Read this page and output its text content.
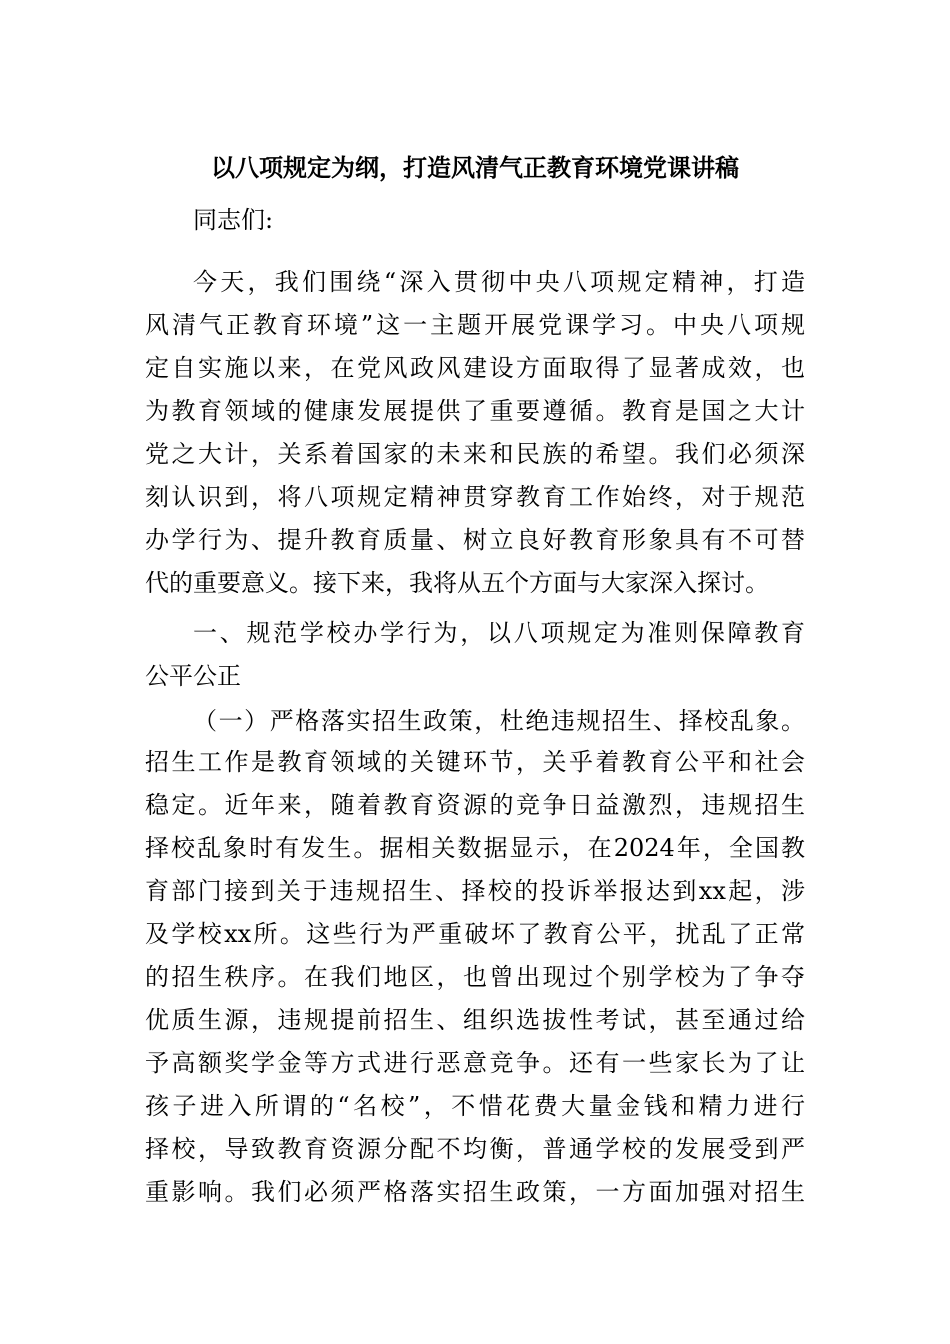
以八项规定为纲，打造风清气正教育环境党课讲稿
同志们:
今天，我们围绕“深入贯彻中央八项规定精神，打造
风清气正教育环境”这一主题开展党课学习。中央八项规
定自实施以来，在党风政风建设方面取得了显著成效，也
为教育领域的健康发展提供了重要遵循。教育是国之大计
党之大计，关系着国家的未来和民族的希望。我们必须深
刻认识到，将八项规定精神贯穿教育工作始终，对于规范
办学行为、提升教育质量、树立良好教育形象具有不可替
代的重要意义。接下来，我将从五个方面与大家深入探讨。
一、规范学校办学行为，以八项规定为准则保障教育
公平公正
（一）严格落实招生政策，杜绝违规招生、择校乱象。
招生工作是教育领域的关键环节，关乎着教育公平和社会
稳定。近年来，随着教育资源的竞争日益激烈，违规招生
择校乱象时有发生。据相关数据显示，在2024年，全国教
育部门接到关于违规招生、择校的投诉举报达到xx起，涉
及学校xx所。这些行为严重破坏了教育公平，扰乱了正常
的招生秩序。在我们地区，也曾出现过个别学校为了争夺
优质生源，违规提前招生、组织选拔性考试，甚至通过给
予高额奖学金等方式进行恶意竞争。还有一些家长为了让
孩子进入所谓的“名校”，不惜花费大量金钱和精力进行
择校，导致教育资源分配不均衡，普通学校的发展受到严
重影响。我们必须严格落实招生政策，一方面加强对招生
